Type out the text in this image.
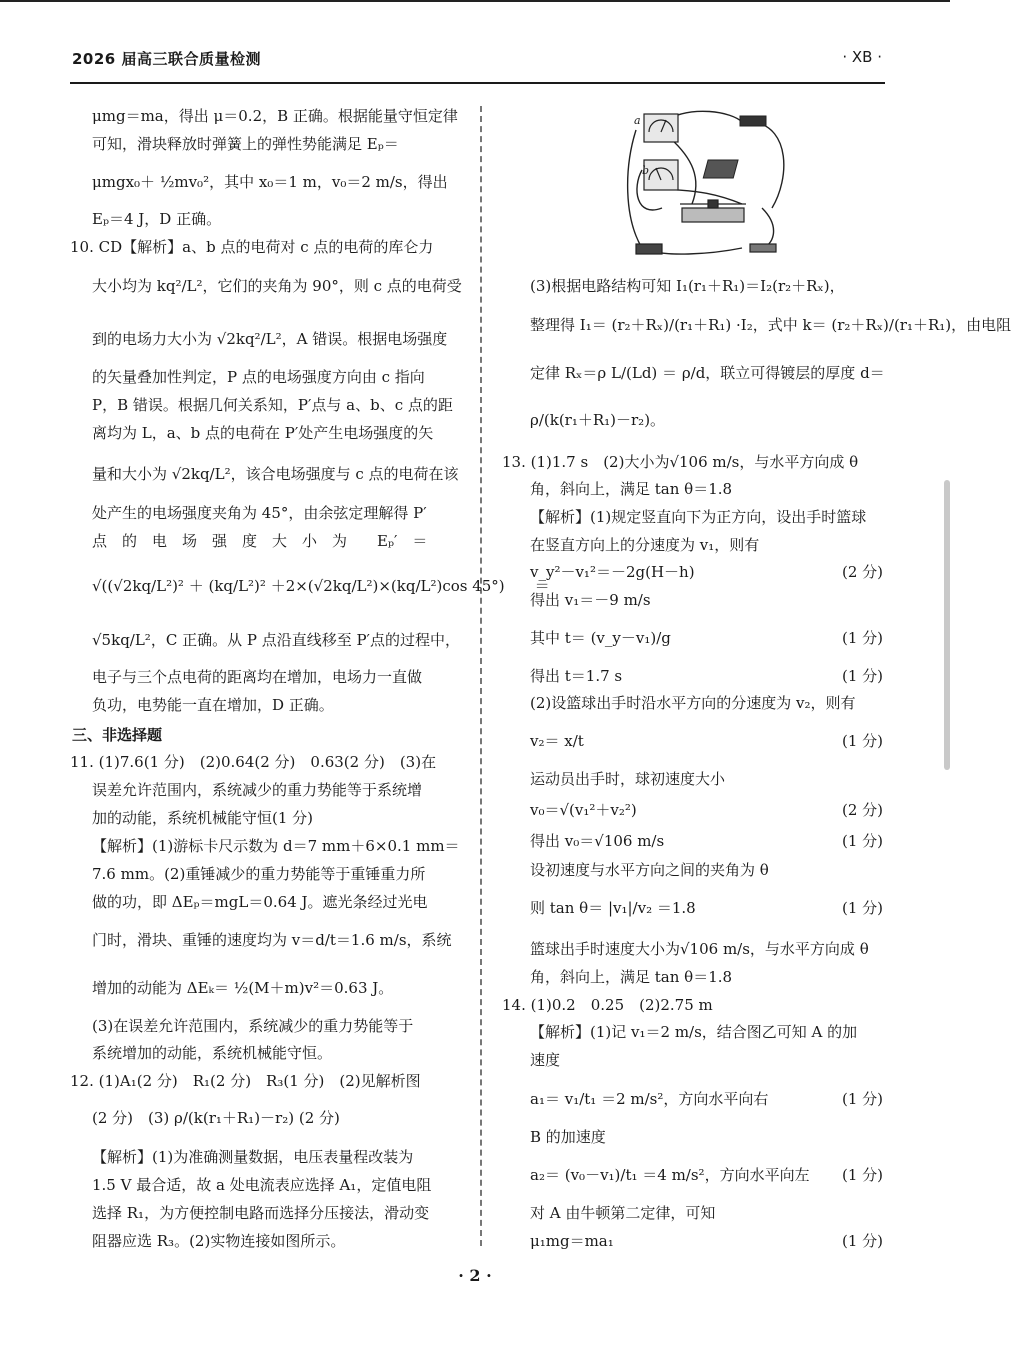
2026 届高三联合质量检测	· XB ·
μmg＝ma，得出 μ＝0.2，B 正确。根据能量守恒定律
可知，滑块释放时弹簧上的弹性势能满足 Eₚ＝
μmgx₀＋ ½mv₀²，其中 x₀＝1 m，v₀＝2 m/s，得出
Eₚ＝4 J，D 正确。
10. CD【解析】a、b 点的电荷对 c 点的电荷的库仑力
大小均为 kq²/L²，它们的夹角为 90°，则 c 点的电荷受
到的电场力大小为 √2kq²/L²，A 错误。根据电场强度
的矢量叠加性判定，P 点的电场强度方向由 c 指向
P，B 错误。根据几何关系知，P′点与 a、b、c 点的距
离均为 L，a、b 点的电荷在 P′处产生电场强度的矢
量和大小为 √2kq/L²，该合电场强度与 c 点的电荷在该
处产生的电场强度夹角为 45°，由余弦定理解得 P′
点　的　电　场　强　度　大　小　为　　Eₚ′　＝
√((√2kq/L²)² ＋ (kq/L²)² ＋2×(√2kq/L²)×(kq/L²)cos 45°)　　＝
√5kq/L²，C 正确。从 P 点沿直线移至 P′点的过程中，
电子与三个点电荷的距离均在增加，电场力一直做
负功，电势能一直在增加，D 正确。
三、非选择题
11. (1)7.6(1 分)　(2)0.64(2 分)　0.63(2 分)　(3)在
误差允许范围内，系统减少的重力势能等于系统增
加的动能，系统机械能守恒(1 分)
【解析】(1)游标卡尺示数为 d＝7 mm＋6×0.1 mm＝
7.6 mm。(2)重锤减少的重力势能等于重锤重力所
做的功，即 ΔEₚ＝mgL＝0.64 J。遮光条经过光电
门时，滑块、重锤的速度均为 v＝d/t＝1.6 m/s，系统
增加的动能为 ΔEₖ＝ ½(M＋m)v²＝0.63 J。
(3)在误差允许范围内，系统减少的重力势能等于
系统增加的动能，系统机械能守恒。
12. (1)A₁(2 分)　R₁(2 分)　R₃(1 分)　(2)见解析图
(2 分)　(3) ρ/(k(r₁＋R₁)－r₂) (2 分)
【解析】(1)为准确测量数据，电压表量程改装为
1.5 V 最合适，故 a 处电流表应选择 A₁，定值电阻
选择 R₁，为方便控制电路而选择分压接法，滑动变
阻器应选 R₃。(2)实物连接如图所示。
a
b
(3)根据电路结构可知 I₁(r₁＋R₁)＝I₂(r₂＋Rₓ)，
整理得 I₁＝ (r₂＋Rₓ)/(r₁＋R₁) ·I₂，式中 k＝ (r₂＋Rₓ)/(r₁＋R₁)，由电阻
定律 Rₓ＝ρ L/(Ld) ＝ ρ/d，联立可得镀层的厚度 d＝
ρ/(k(r₁＋R₁)－r₂)。
13. (1)1.7 s　(2)大小为√106 m/s，与水平方向成 θ
角，斜向上，满足 tan θ＝1.8
【解析】(1)规定竖直向下为正方向，设出手时篮球
在竖直方向上的分速度为 v₁，则有
v_y²－v₁²＝－2g(H－h)	(2 分)
得出 v₁＝－9 m/s
其中 t＝ (v_y－v₁)/g	(1 分)
得出 t＝1.7 s	(1 分)
(2)设篮球出手时沿水平方向的分速度为 v₂，则有
v₂＝ x/t	(1 分)
运动员出手时，球初速度大小
v₀＝√(v₁²＋v₂²)	(2 分)
得出 v₀＝√106 m/s	(1 分)
设初速度与水平方向之间的夹角为 θ
则 tan θ＝ |v₁|/v₂ ＝1.8	(1 分)
篮球出手时速度大小为√106 m/s，与水平方向成 θ
角，斜向上，满足 tan θ＝1.8
14. (1)0.2　0.25　(2)2.75 m
【解析】(1)记 v₁＝2 m/s，结合图乙可知 A 的加
速度
a₁＝ v₁/t₁ ＝2 m/s²，方向水平向右	(1 分)
B 的加速度
a₂＝ (v₀－v₁)/t₁ ＝4 m/s²，方向水平向左 (1 分)
对 A 由牛顿第二定律，可知
μ₁mg＝ma₁	(1 分)
· 2 ·
